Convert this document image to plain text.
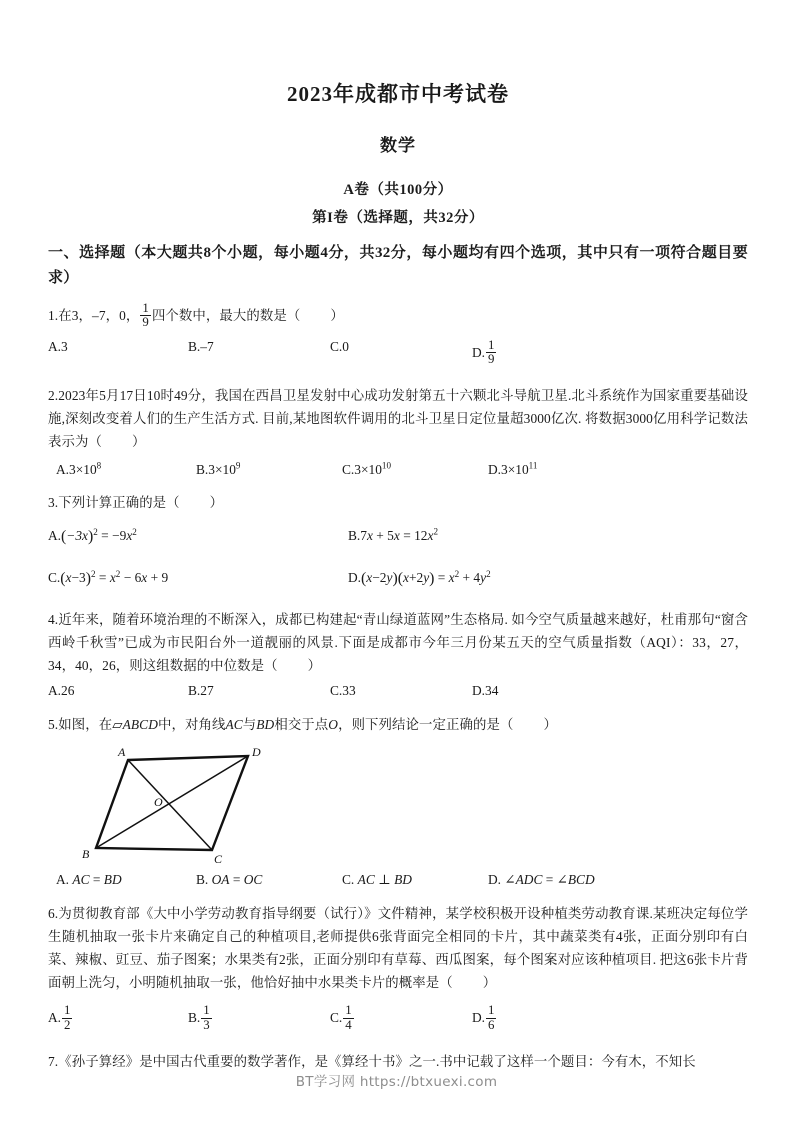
2023年成都市中考试卷
数学
A卷（共100分）
第I卷（选择题，共32分）
一、选择题（本大题共8个小题，每小题4分，共32分，每小题均有四个选项，其中只有一项符合题目要求）
1.在3，–7，0， $\frac{1}{9}$ 四个数中，最大的数是（ ）
A.3	B.–7	C.0	D. $\frac{1}{9}$
2.2023年5月17日10时49分，我国在西昌卫星发射中心成功发射第五十六颗北斗导航卫星.北斗系统作为国家重要基础设施,深刻改变着人们的生产生活方式. 目前,某地图软件调用的北斗卫星日定位量超3000亿次. 将数据3000亿用科学记数法表示为（ ）
$A.3\times 10^8$	$B.3\times 10^9$	$C.3\times 10^{10}$	$D.3\times 10^{11}$
3.下列计算正确的是（ ）
$A.(-3x)^2 = -9x^2$	$B.7x + 5x = 12x^2$
$C.(x-3)^2 = x^2 - 6x + 9$	$D.(x-2y)(x+2y) = x^2 + 4y^2$
4.近年来，随着环境治理的不断深入，成都已构建起“青山绿道蓝网”生态格局. 如今空气质量越来越好，杜甫那句“窗含西岭千秋雪”已成为市民阳台外一道靓丽的风景.下面是成都市今年三月份某五天的空气质量指数（AQI）：33，27，34，40，26，则这组数据的中位数是（ ）
A.26	B.27	C.33	D.34
5.如图，在▱ABCD中，对角线AC与BD相交于点O，则下列结论一定正确的是（ ）
A	D
B	C
O
A. AC = BD	B. OA = OC	C. AC ⊥ BD	D. ∠ADC = ∠BCD
6.为贯彻教育部《大中小学劳动教育指导纲要（试行）》文件精神，某学校积极开设种植类劳动教育课.某班决定每位学生随机抽取一张卡片来确定自己的种植项目,老师提供6张背面完全相同的卡片，其中蔬菜类有4张，正面分别印有白菜、辣椒、豇豆、茄子图案；水果类有2张，正面分别印有草莓、西瓜图案，每个图案对应该种植项目. 把这6张卡片背面朝上洗匀，小明随机抽取一张，他恰好抽中水果类卡片的概率是（ ）
A. $\frac{1}{2}$	B. $\frac{1}{3}$	C. $\frac{1}{4}$	D. $\frac{1}{6}$
7.《孙子算经》是中国古代重要的数学著作，是《算经十书》之一.书中记载了这样一个题目：今有木，不知长
BT学习网 https://btxuexi.com
